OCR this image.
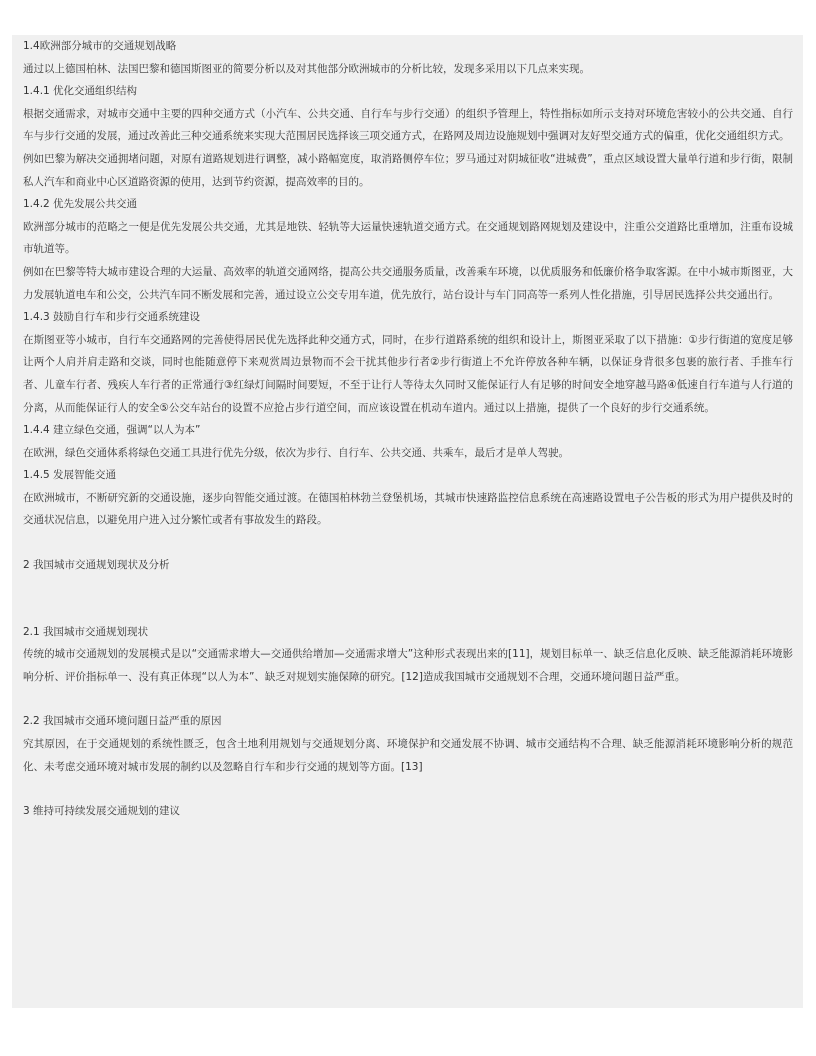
1.4欧洲部分城市的交通规划战略
通过以上德国柏林、法国巴黎和德国斯图亚的简要分析以及对其他部分欧洲城市的分析比较，发现多采用以下几点来实现。
1.4.1 优化交通组织结构
根据交通需求，对城市交通中主要的四种交通方式（小汽车、公共交通、自行车与步行交通）的组织予管理上，特性指标如所示支持对环境危害较小的公共交通、自行车与步行交通的发展，通过改善此三种交通系统来实现大范围居民选择该三项交通方式，在路网及周边设施规划中强调对友好型交通方式的偏重，优化交通组织方式。
例如巴黎为解决交通拥堵问题，对原有道路规划进行调整，减小路幅宽度，取消路侧停车位；罗马通过对阴城征收“进城费”，重点区域设置大量单行道和步行街，限制私人汽车和商业中心区道路资源的使用，达到节约资源，提高效率的目的。
1.4.2 优先发展公共交通
欧洲部分城市的范略之一便是优先发展公共交通，尤其是地铁、轻轨等大运量快速轨道交通方式。在交通规划路网规划及建设中，注重公交道路比重增加，注重布设城市轨道等。
例如在巴黎等特大城市建设合理的大运量、高效率的轨道交通网络，提高公共交通服务质量，改善乘车环境，以优质服务和低廉价格争取客源。在中小城市斯图亚，大力发展轨道电车和公交，公共汽车同不断发展和完善，通过设立公交专用车道，优先放行，站台设计与车门同高等一系列人性化措施，引导居民选择公共交通出行。
1.4.3 鼓励自行车和步行交通系统建设
在斯图亚等小城市，自行车交通路网的完善使得居民优先选择此种交通方式，同时，在步行道路系统的组织和设计上，斯图亚采取了以下措施：①步行街道的宽度足够让两个人肩并肩走路和交谈，同时也能随意停下来观赏周边景物而不会干扰其他步行者②步行街道上不允许停放各种车辆，以保证身背很多包裹的旅行者、手推车行者、儿童车行者、残疾人车行者的正常通行③红绿灯间隔时间要短，不至于让行人等待太久同时又能保证行人有足够的时间安全地穿越马路④低速自行车道与人行道的分离，从而能保证行人的安全⑤公交车站台的设置不应抢占步行道空间，而应该设置在机动车道内。通过以上措施，提供了一个良好的步行交通系统。
1.4.4 建立绿色交通，强调“以人为本”
在欧洲，绿色交通体系将绿色交通工具进行优先分级，依次为步行、自行车、公共交通、共乘车，最后才是单人驾驶。
1.4.5 发展智能交通
在欧洲城市，不断研究新的交通设施，逐步向智能交通过渡。在德国柏林勃兰登堡机场，其城市快速路监控信息系统在高速路设置电子公告板的形式为用户提供及时的交通状况信息，以避免用户进入过分繁忙或者有事故发生的路段。
2 我国城市交通规划现状及分析
2.1 我国城市交通规划现状
传统的城市交通规划的发展模式是以“交通需求增大—交通供给增加—交通需求增大”这种形式表现出来的[11]，规划目标单一、缺乏信息化反映、缺乏能源消耗环境影响分析、评价指标单一、没有真正体现“以人为本”、缺乏对规划实施保障的研究。[12]造成我国城市交通规划不合理，交通环境问题日益严重。
2.2 我国城市交通环境问题日益严重的原因
究其原因，在于交通规划的系统性匮乏，包含土地利用规划与交通规划分离、环境保护和交通发展不协调、城市交通结构不合理、缺乏能源消耗环境影响分析的规范化、未考虑交通环境对城市发展的制约以及忽略自行车和步行交通的规划等方面。[13]
3 维持可持续发展交通规划的建议
